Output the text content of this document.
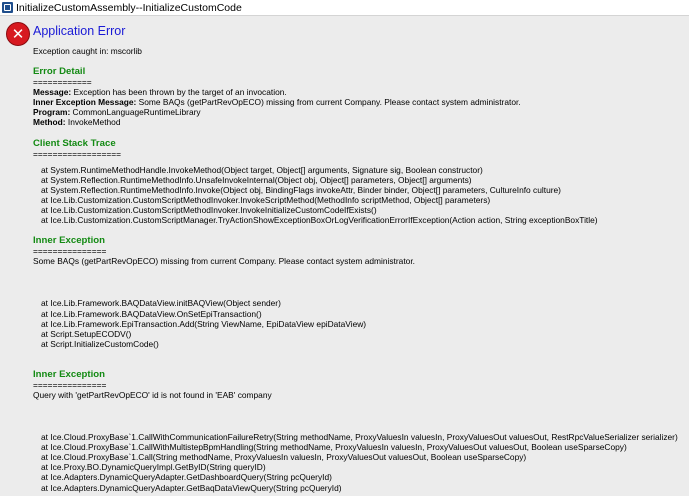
InitializeCustomAssembly--InitializeCustomCode
✕ Application Error
Exception caught in: mscorlib
Error Detail
============
Message: Exception has been thrown by the target of an invocation.
Inner Exception Message: Some BAQs (getPartRevOpECO) missing from current Company. Please contact system administrator.
Program: CommonLanguageRuntimeLibrary
Method: InvokeMethod
Client Stack Trace
==================
at System.RuntimeMethodHandle.InvokeMethod(Object target, Object[] arguments, Signature sig, Boolean constructor)
at System.Reflection.RuntimeMethodInfo.UnsafeInvokeInternal(Object obj, Object[] parameters, Object[] arguments)
at System.Reflection.RuntimeMethodInfo.Invoke(Object obj, BindingFlags invokeAttr, Binder binder, Object[] parameters, CultureInfo culture)
at Ice.Lib.Customization.CustomScriptMethodInvoker.InvokeScriptMethod(MethodInfo scriptMethod, Object[] parameters)
at Ice.Lib.Customization.CustomScriptMethodInvoker.InvokeInitializeCustomCodeIfExists()
at Ice.Lib.Customization.CustomScriptManager.TryActionShowExceptionBoxOrLogVerificationErrorIfException(Action action, String exceptionBoxTitle)
Inner Exception
===============
Some BAQs (getPartRevOpECO) missing from current Company. Please contact system administrator.
at Ice.Lib.Framework.BAQDataView.initBAQView(Object sender)
at Ice.Lib.Framework.BAQDataView.OnSetEpiTransaction()
at Ice.Lib.Framework.EpiTransaction.Add(String ViewName, EpiDataView epiDataView)
at Script.SetupECODV()
at Script.InitializeCustomCode()
Inner Exception
===============
Query with 'getPartRevOpECO' id is not found in 'EAB' company
at Ice.Cloud.ProxyBase`1.CallWithCommunicationFailureRetry(String methodName, ProxyValuesIn valuesIn, ProxyValuesOut valuesOut, RestRpcValueSerializer serializer)
at Ice.Cloud.ProxyBase`1.CallWithMultistepBpmHandling(String methodName, ProxyValuesIn valuesIn, ProxyValuesOut valuesOut, Boolean useSparseCopy)
at Ice.Cloud.ProxyBase`1.Call(String methodName, ProxyValuesIn valuesIn, ProxyValuesOut valuesOut, Boolean useSparseCopy)
at Ice.Proxy.BO.DynamicQueryImpl.GetByID(String queryID)
at Ice.Adapters.DynamicQueryAdapter.GetDashboardQuery(String pcQueryId)
at Ice.Adapters.DynamicQueryAdapter.GetBaqDataViewQuery(String pcQueryId)
